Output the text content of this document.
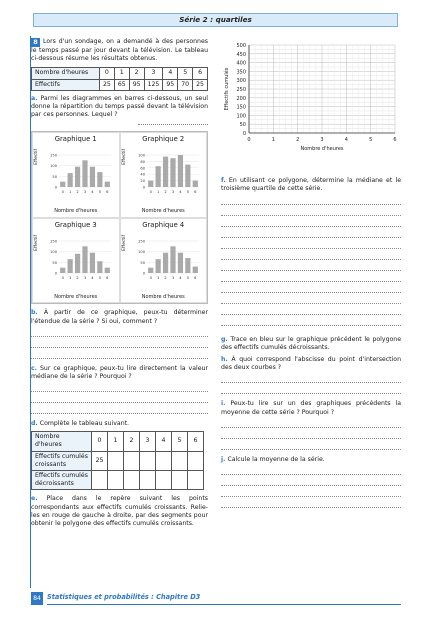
Série 2 : quartiles
8 Lors d'un sondage, on a demandé à des personnes le temps passé par jour devant la télévision. Le tableau ci-dessous résume les résultats obtenus.
Nombre d'heures	0	1	2	3	4	5	6
Effectifs	25	65	95	125	95	70	25
a. Parmi les diagrammes en barres ci-dessous, un seul donne la répartition du temps passé devant la télévision par ces personnes. Lequel ?
Graphique 1
Effectif	150
100
50
0
0 1 2 3 4 5 6
Nombre d'heures
Graphique 2
Effectif	100
80
60
40
20
0
0 1 2 3 4 5 6
Nombre d'heures
Graphique 3
Effectif	150
100
50
0
0 1 2 3 4 5 6
Nombre d'heures
Graphique 4
Effectif	150
100
50
0
0 1 2 3 4 5 6
Nombre d'heures
b. À partir de ce graphique, peux-tu déterminer l'étendue de la série ? Si oui, comment ?
c. Sur ce graphique, peux-tu lire directement la valeur médiane de la série ? Pourquoi ?
d. Complète le tableau suivant.
Nombre d'heures	0	1	2	3	4	5	6
Effectifs cumulés croissants	25						
Effectifs cumulés décroissants							
e. Place dans le repère suivant les points correspondants aux effectifs cumulés croissants. Relie-les en rouge de gauche à droite, par des segments pour obtenir le polygone des effectifs cumulés croissants.
500
450
400
350
300
250
200
150
100
50
0
0	1	2	3	4	5	6
Nombre d'heures
Effectifs cumulés
f. En utilisant ce polygone, détermine la médiane et le troisième quartile de cette série.
g. Trace en bleu sur le graphique précédent le polygone des effectifs cumulés décroissants.
h. À quoi correspond l'abscisse du point d'intersection des deux courbes ?
i. Peux-tu lire sur un des graphiques précédents la moyenne de cette série ? Pourquoi ?
j. Calcule la moyenne de la série.
84 Statistiques et probabilités : Chapitre D3
